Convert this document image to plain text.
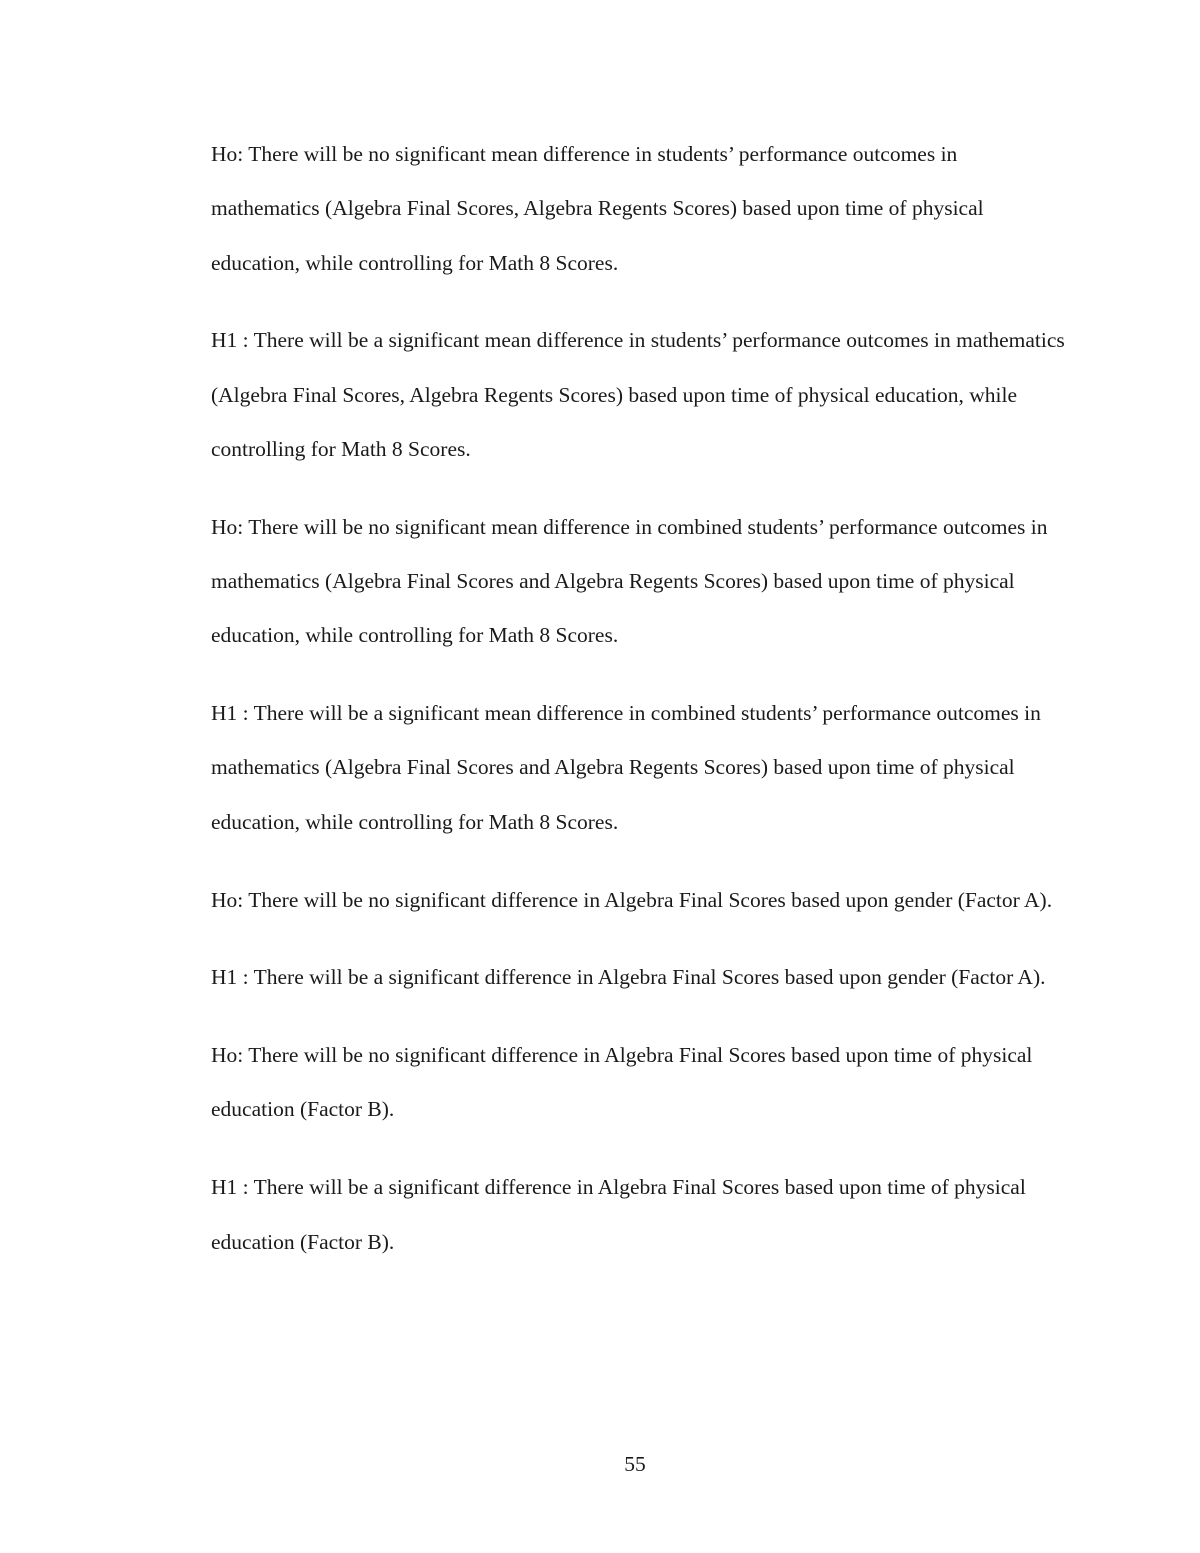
Ho: There will be no significant mean difference in students’ performance outcomes in mathematics (Algebra Final Scores, Algebra Regents Scores) based upon time of physical education, while controlling for Math 8 Scores.

H1 : There will be a significant mean difference in students’ performance outcomes in mathematics (Algebra Final Scores, Algebra Regents Scores) based upon time of physical education, while controlling for Math 8 Scores.

Ho: There will be no significant mean difference in combined students’ performance outcomes in mathematics (Algebra Final Scores and Algebra Regents Scores) based upon time of physical education, while controlling for Math 8 Scores.

H1 : There will be a significant mean difference in combined students’ performance outcomes in mathematics (Algebra Final Scores and Algebra Regents Scores) based upon time of physical education, while controlling for Math 8 Scores.

Ho: There will be no significant difference in Algebra Final Scores based upon gender (Factor A).

H1 : There will be a significant difference in Algebra Final Scores based upon gender (Factor A).

Ho: There will be no significant difference in Algebra Final Scores based upon time of physical education (Factor B).

H1 : There will be a significant difference in Algebra Final Scores based upon time of physical education (Factor B).

55
